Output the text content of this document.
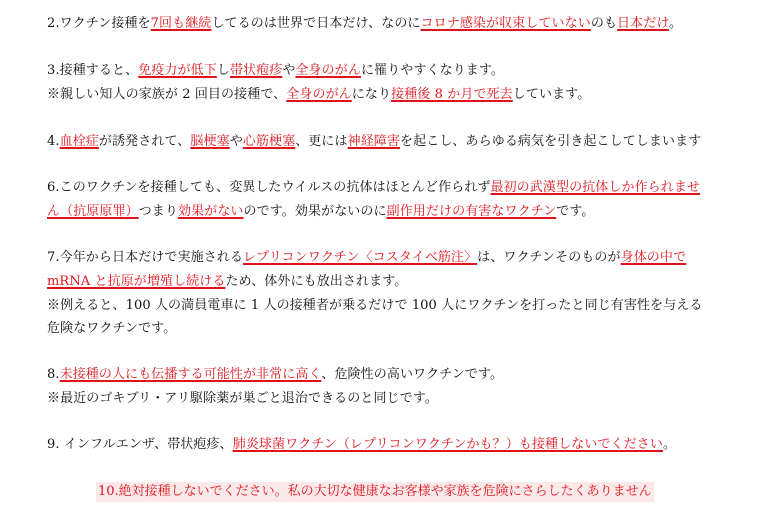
2.ワクチン接種を7回も継続してるのは世界で日本だけ、なのにコロナ感染が収束していないのも日本だけ。
3.接種すると、免疫力が低下し帯状疱疹や全身のがんに罹りやすくなります。
※親しい知人の家族が 2 回目の接種で、全身のがんになり接種後 8 か月で死去しています。
4.血栓症が誘発されて、脳梗塞や心筋梗塞、更には神経障害を起こし、あらゆる病気を引き起こしてしまいます
6.このワクチンを接種しても、変異したウイルスの抗体はほとんど作られず最初の武漢型の抗体しか作られませ
ん（抗原原罪）つまり効果がないのです。効果がないのに副作用だけの有害なワクチンです。
7.今年から日本だけで実施されるレプリコンワクチン〈コスタイベ筋注〉は、ワクチンそのものが身体の中で
mRNA と抗原が増殖し続けるため、体外にも放出されます。
※例えると、100 人の満員電車に 1 人の接種者が乗るだけで 100 人にワクチンを打ったと同じ有害性を与える
危険なワクチンです。
8.未接種の人にも伝播する可能性が非常に高く、危険性の高いワクチンです。
※最近のゴキブリ・アリ駆除薬が巣ごと退治できるのと同じです。
9. インフルエンザ、帯状疱疹、肺炎球菌ワクチン（レプリコンワクチンかも？）も接種しないでください。
10.絶対接種しないでください。私の大切な健康なお客様や家族を危険にさらしたくありません
